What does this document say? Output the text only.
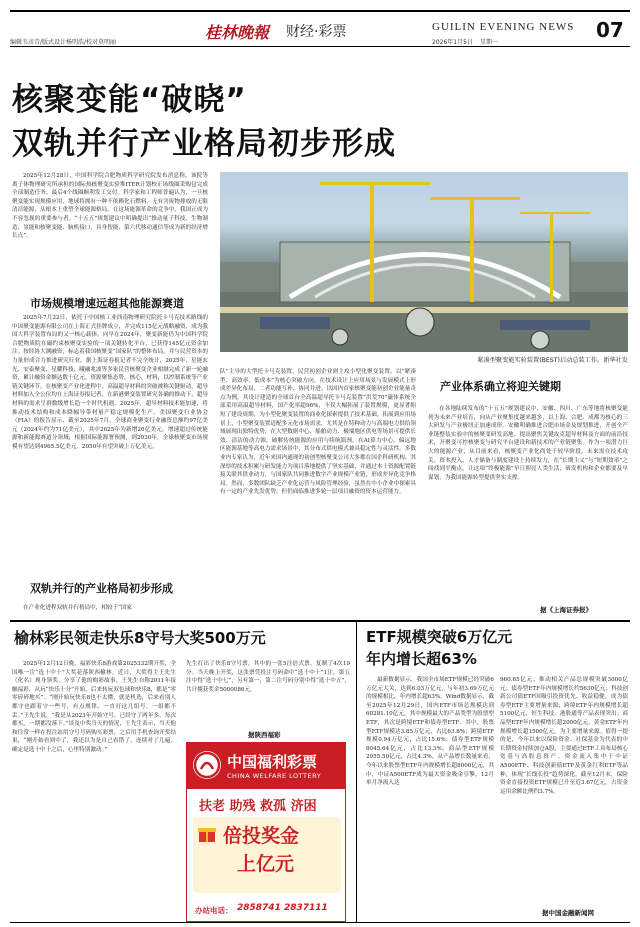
编辑韦彦青/版式设计杨明浩/校对莫明丽
桂林晚報 财经·彩票	GUILIN EVENING NEWS 07
2026年1月5日 星期一
核聚变能“破晓”
双轨并行产业格局初步形成
2025年12月28日，中国科学院合肥物质科学研究院发布消息称，该院等离子体物理研究所承担的国际热核聚变实验堆ITER计划校正场线圈采购包完成全部制造任务，最后4个线圈顺利发工交付。科学家和工程师普遍认为，一旦核聚变能实现规模应用，地球将拥有一种不依赖化石燃料、无有害废物排放的无限清洁能源，从根本上重塑全球能源格局。在这场能源革命的竞争中，我国正成为不容忽视的重要参与者。“十五五”规划建议中明确提出“推动量子科技、生物制造、氢能和核聚变能、脑机接口、具身智能、第六代移动通信等成为新的经济增长点”。
紧凑型聚变能实验装置(BEST)启动总装工作。新华社发
市场规模增速远超其他能源赛道
2025年7月22日，依托于中国核工业西南物理研究院托卡马克技术路线的中国聚变能源有限公司在上海正式挂牌成立，并完成115亿元战略融资，成为我国大科学装置布局的又一核心载体。向早在2024年，聚变新能仍为中国科学院合肥物质院在磁约束核聚变实验的一项关键转化平台，已获得145亿元资金加注。按经协大测融资，标志着我国核聚变“国家队”的整体布局。并与民营资本的力量形成合力推进研究行业。据上海证券报记者不完全统计，2025年，星能玄光、安泰聚变、星耀科技、曦融兆波等多家民营核聚变企业相继完成了新一轮融资，累计融资金额达数十亿元。资源聚集态势，核心、材料，以控制系统等产业链关键环节。在核聚变产业化进程中，高温超导材料的突破被称关键驱动。超导材料加入全公位均在上海证券报记者，在新港聚变装置研究各确的推动下，超导材料的需求呈群数级增长趋一个时代机遇。2025年，超导材料技术能加速，将推动技术结构和成本降幅导带材量产稳定规模化生产。美国聚变行业协会（FIA）的报告显示，截至2025年7月，全球商业聚变行业融资总额约97亿美元（2024年约为71亿美元），其中2025年为新增26亿美元。增速超过传统能源和新能源赛道分领域，根据国际能源署预测，到2030年，全球核聚变市场规模有望达到4965.5亿美元，2050年有望突破上万亿美元。
双轨并行的产业格局初步形成
在产业化进程双轨并行格局中，相较于“国家
队”主导的大型托卡马克装置，民营初创企业则主攻小型化聚变装置，以“紧凑型、高效率、低成本”为核心突破方向，在技术设计上应用场景与发展模式上形成差异化布局，二者功能互补、协同并进。以国内首家核聚变能初创企业能量奇点为例，其设计建造的全球首台全高温超导托卡马克装置“洪荒70”磁体系统全部采用高温超导材料，国产化率超96%，不仅大幅拓展了装置规模，更显著缩短了建设周期，为小型化聚变装置的商业化探索提供了技术基础。拓展到应用场景上，小型聚变装置适配多元化市场需求，尤其是在特种动力与高端电力供给领域展现出独特优势，在大型数据中心、船舶动力、极端地区供电等场景可提供长效、清洁的动力源。破解传统能源的应用与续航瓶颈。在AI算力中心、偏远地区能源基地等高电力需求场景中，其分布式供电模式兼具稳定性与灵活性。多数业内专家认为，近年来国内通现的初创型核聚变公司大多都在国企科研机构、其深厚的技术积累与研发能力为项目落地提供了坚实基础，并通过本土资源配置链接关联其供业动力，与国家队共同推进数字产业规模产业链，形成差异化竞争格局。然而，多数团队缺乏产业化运营与风险管理经验，虽然在中小企业中探索具有一定的产业先发优势，但仍面临推进多轮一层项目融资的资本运营能力。
产业体系确立将迎关键期
在各地陆续发布的“十五五”规划建议中，安徽、四川、广东等地将核聚变能列为未来产业培育，向从产业聚集度越来越多，以上海、合肥、成都为核心的三大研发与产业极纽正加速成形。安徽明确推进合肥市场金及规划推进，开创全产业链整装实验中的核聚变研发高地。提出聚焦关键攻克超导材料及方面的前沿技术，开聚变可控核聚变与研究平台建设和新技术的产业链聚集。作为一项潜力巨大的能源产业，从目前来看，核聚变产业化尚处于较早阶段，未来需在技术攻关、资本投入、人才储备与制度建设上持续发力，在“长期主义”与“短期效率”之间找到平衡点，让这项“终极能源”早日照亮人类生活，研发机构和企业都要及早谋划，为我国能源转型提供坚实支撑。
据《上海证券报》
榆林彩民领走快乐8守号大奖500万元
2025年12月12日晚，福彩快乐8游戏第2025332期开奖，全国唯一注“选十中十”大奖花落陕西榆林。近日，大奖得主王先生（化名）现身领奖，分享了他的购彩故事。王先生自称2011年接触福彩，从玩“快乐十分”开始，后来转玩双色球和快乐8，都是“零零碎碎地买”。“刚开始玩快乐8也不太懂，就是机选，后来看别人都守也跟着守一些号，有点规律，一直打这几组号，一组都不丢。”王先生说，“我是从2023年开始守号，已经守了两年多，每次都买，一期都没落下。”谈及中奖当天的情况，王先生表示，当天他和往常一样在投注站用守号号码购买彩票，之后用手机查询开奖结果，“刚开始看到中了，我还以为是自己看错了，连续对了几遍，确定是选十中十之后，心里特别激动。”
先生打出了快乐8守号票，其中的一张5注倍式票，复制了4次19分。当天晚上开奖，这张票凭投注号码命中“选十中十”1注，第五注中得“选十中七”，另有第一，第二注号码分别中得“选十中五”，共计揽获奖金5000086元。
据陕西福彩
中国福利彩票
CHINA WELFARE LOTTERY
扶老 助残 救孤 济困
倍投奖金
上亿元
办站电话： 2858741 2837111
ETF规模突破6万亿元
年内增长超63%
最新数据显示，我国全市场ETF规模已经突破6万亿元大关，达到6.03万亿元，与年初3.69万亿元的规模相比，年内增长超63%。Wind数据显示，截至2025年12月29日，国内ETF市场总规模达到60281.10亿元，其中规模最大的产品类型为股票型ETF，其次是跨境ETF和债券型ETF。其中，股票型ETF规模达3.85万亿元，占比63.8%；跨境ETF规模0.94万亿元，占比15.6%；债券型ETF规模8045.64亿元，占比13.3%；商品型ETF规模2955.50亿元，占比4.3%。从产品增长数量来看，今年以来股票型ETF年内规模增长超8000亿元，其中，中证A500ETF成为最大资金吸金引擎，12月单月净流入达
960.65亿元；推动相关产品总规模突破3000亿元；债券型ETF年内规模增长约5630亿元；科技创新公司债ETF因吸引投资优先、收益稳健，成为债券型ETF主要增量来源；跨境ETF年内规模增长超5100亿元，恒生科技、港股通等产品表现突出；商品型ETF年内规模增长超2000亿元，黄金ETF年内规模增长超1500亿元，为主要增量来源。值得一提的是，今年以来以保险资金、社保基金为代表的中长期资金持续加仓A股，主要通过ETF工具布局核心宽基与高股息资产。资金流入集中于中证A500ETF、科技创新债ETF及黄金红利ETF等品种，体现“长线长投”趋势深化。截至12月末，保险资金直接投资ETF规模已升至近3.67亿元，占资金运用余额比例约3.7%。
据中国金融新闻网
